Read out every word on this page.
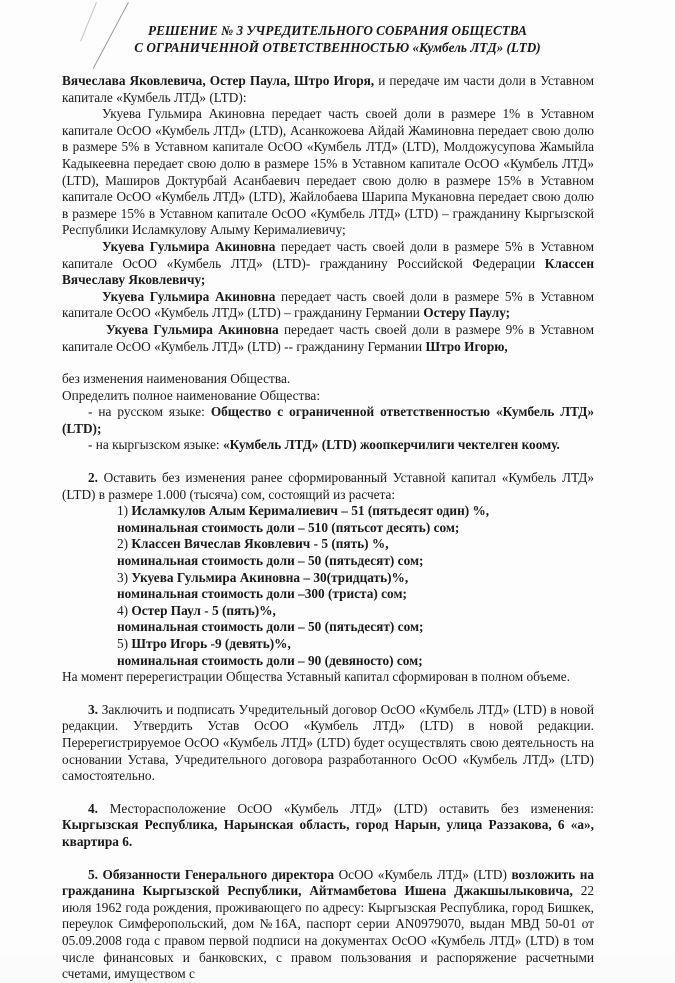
РЕШЕНИЕ № 3 УЧРЕДИТЕЛЬНОГО СОБРАНИЯ ОБЩЕСТВА
С ОГРАНИЧЕННОЙ ОТВЕТСТВЕННОСТЬЮ «Кумбель ЛТД» (LTD)

Вячеслава Яковлевича, Остер Паула, Штро Игоря, и передаче им части доли в Уставном капитале «Кумбель ЛТД» (LTD):

Укуева Гульмира Акиновна передает часть своей доли в размере 1% в Уставном капитале ОсОО «Кумбель ЛТД» (LTD), Асанкожоева Айдай Жаминовна передает свою долю в размере 5% в Уставном капитале ОсОО «Кумбель ЛТД» (LTD), Молдожусупова Жамыйла Кадыкеевна передает свою долю в размере 15% в Уставном капитале ОсОО «Кумбель ЛТД» (LTD), Маширов Доктурбай Асанбаевич передает свою долю в размере 15% в Уставном капитале ОсОО «Кумбель ЛТД» (LTD), Жайлобаева Шарипа Мукановна передает свою долю в размере 15% в Уставном капитале ОсОО «Кумбель ЛТД» (LTD) – гражданину Кыргызской Республики Исламкулову Алыму Керималиевичу;

Укуева Гульмира Акиновна передает часть своей доли в размере 5% в Уставном капитале ОсОО «Кумбель ЛТД» (LTD)- гражданину Российской Федерации Классен Вячеславу Яковлевичу;

Укуева Гульмира Акиновна передает часть своей доли в размере 5% в Уставном капитале ОсОО «Кумбель ЛТД» (LTD) – гражданину Германии Остеру Паулу;

Укуева Гульмира Акиновна передает часть своей доли в размере 9% в Уставном капитале ОсОО «Кумбель ЛТД» (LTD) -- гражданину Германии Штро Игорю,

без изменения наименования Общества.

Определить полное наименование Общества:

- на русском языке: Общество с ограниченной ответственностью «Кумбель ЛТД» (LTD);

- на кыргызском языке: «Кумбель ЛТД» (LTD) жоопкерчилиги чектелген коому.

2. Оставить без изменения ранее сформированный Уставной капитал «Кумбель ЛТД» (LTD) в размере 1.000 (тысяча) сом, состоящий из расчета:

1) Исламкулов Алым Керималиевич – 51 (пятьдесят один) %,
номинальная стоимость доли – 510 (пятьсот десять) сом;
2) Классен Вячеслав Яковлевич - 5 (пять) %,
номинальная стоимость доли – 50 (пятьдесят) сом;
3) Укуева Гульмира Акиновна – 30(тридцать)%,
номинальная стоимость доли –300 (триста) сом;
4) Остер Паул - 5 (пять)%,
номинальная стоимость доли – 50 (пятьдесят) сом;
5) Штро Игорь -9 (девять)%,
номинальная стоимость доли – 90 (девяносто) сом;

На момент перерегистрации Общества Уставный капитал сформирован в полном объеме.

3. Заключить и подписать Учредительный договор ОсОО «Кумбель ЛТД» (LTD) в новой редакции. Утвердить Устав ОсОО «Кумбель ЛТД» (LTD) в новой редакции. Перерегистрируемое ОсОО «Кумбель ЛТД» (LTD) будет осуществлять свою деятельность на основании Устава, Учредительного договора разработанного ОсОО «Кумбель ЛТД» (LTD) самостоятельно.

4. Месторасположение ОсОО «Кумбель ЛТД» (LTD) оставить без изменения: Кыргызская Республика, Нарынская область, город Нарын, улица Раззакова, 6 «а», квартира 6.

5. Обязанности Генерального директора ОсОО «Кумбель ЛТД» (LTD) возложить на гражданина Кыргызской Республики, Айтмамбетова Ишена Джакшылыковича, 22 июля 1962 года рождения, проживающего по адресу: Кыргызская Республика, город Бишкек, переулок Симферопольский, дом №16А, паспорт серии AN0979070, выдан МВД 50-01 от 05.09.2008 года с правом первой подписи на документах ОсОО «Кумбель ЛТД» (LTD) в том числе финансовых и банковских, с правом пользования и распоряжение расчетными счетами, имуществом с
